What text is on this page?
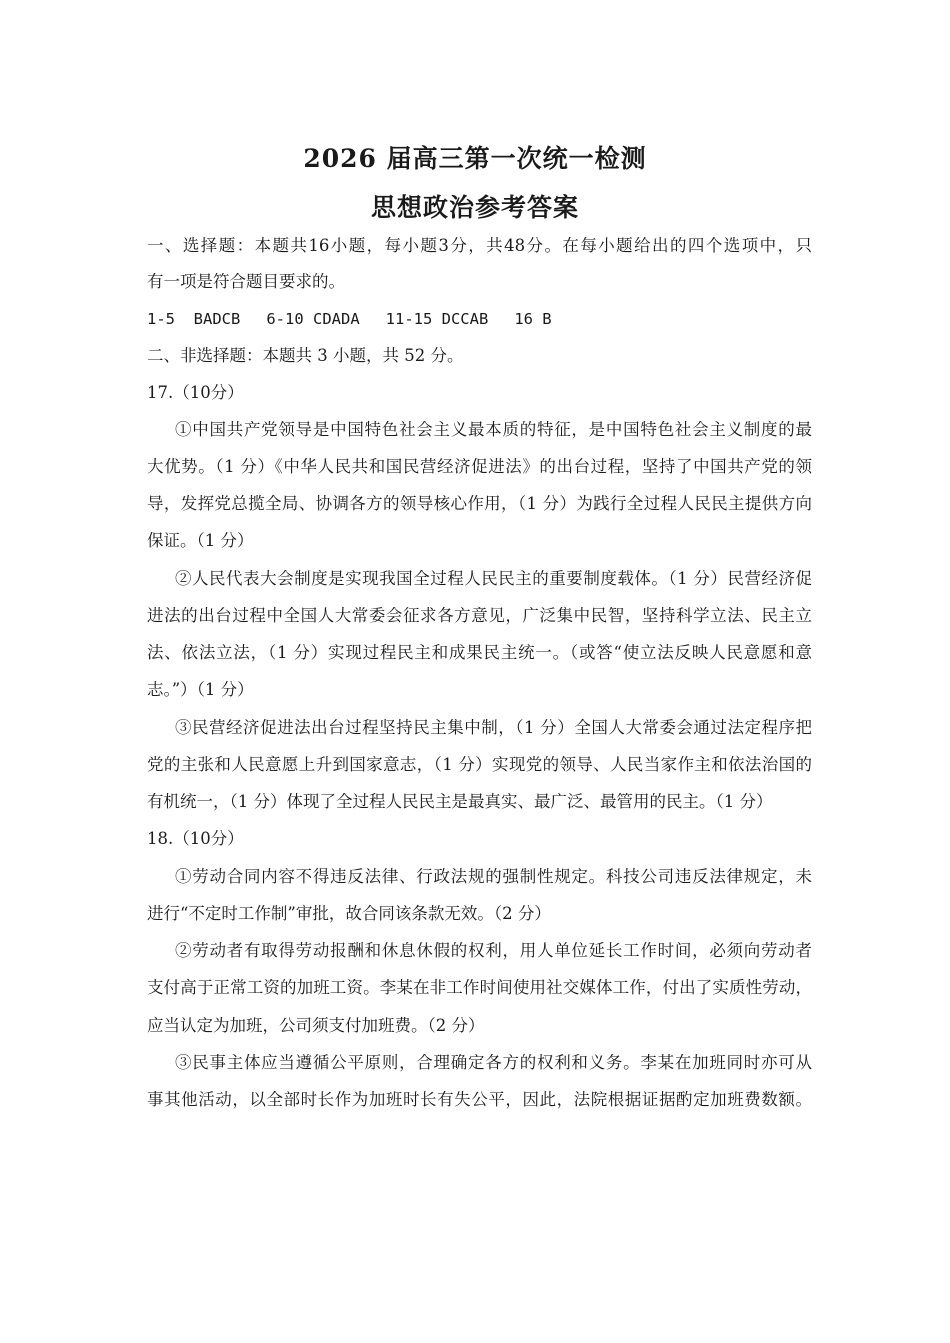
2026 届高三第一次统一检测
思想政治参考答案
一、选择题：本题共16小题，每小题3分，共48分。在每小题给出的四个选项中，只
有一项是符合题目要求的。
1-5  BADCB 6-10 CDADA 11-15 DCCAB 16 B
二、非选择题：本题共 3 小题，共 52 分。
17.（10分）
①中国共产党领导是中国特色社会主义最本质的特征，是中国特色社会主义制度的最
大优势。（1 分）《中华人民共和国民营经济促进法》的出台过程，坚持了中国共产党的领
导，发挥党总揽全局、协调各方的领导核心作用，（1 分）为践行全过程人民民主提供方向
保证。（1 分）
②人民代表大会制度是实现我国全过程人民民主的重要制度载体。（1 分）民营经济促
进法的出台过程中全国人大常委会征求各方意见，广泛集中民智，坚持科学立法、民主立
法、依法立法，（1 分）实现过程民主和成果民主统一。（或答“使立法反映人民意愿和意
志。”）（1 分）
③民营经济促进法出台过程坚持民主集中制，（1 分）全国人大常委会通过法定程序把
党的主张和人民意愿上升到国家意志，（1 分）实现党的领导、人民当家作主和依法治国的
有机统一，（1 分）体现了全过程人民民主是最真实、最广泛、最管用的民主。（1 分）
18.（10分）
①劳动合同内容不得违反法律、行政法规的强制性规定。科技公司违反法律规定，未
进行“不定时工作制”审批，故合同该条款无效。（2 分）
②劳动者有取得劳动报酬和休息休假的权利，用人单位延长工作时间，必须向劳动者
支付高于正常工资的加班工资。李某在非工作时间使用社交媒体工作，付出了实质性劳动，
应当认定为加班，公司须支付加班费。（2 分）
③民事主体应当遵循公平原则，合理确定各方的权利和义务。李某在加班同时亦可从
事其他活动，以全部时长作为加班时长有失公平，因此，法院根据证据酌定加班费数额。
